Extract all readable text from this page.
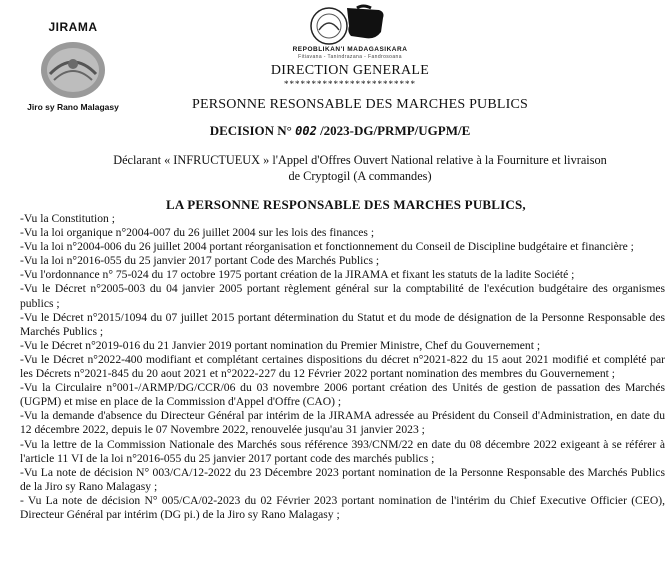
JIRAMA
Jiro sy Rano Malagasy
REPOBLIKAN'I MADAGASIKARA
Fitiavana - Tanindrazana - Fandrosoana
DIRECTION GENERALE
************************
PERSONNE RESONSABLE DES MARCHES PUBLICS
DECISION N° 002 /2023-DG/PRMP/UGPM/E
Déclarant « INFRUCTUEUX » l'Appel d'Offres Ouvert National relative à la Fourniture et livraison
de Cryptogil (A commandes)
LA PERSONNE RESPONSABLE DES MARCHES PUBLICS,
-Vu la Constitution ;
-Vu la loi organique n°2004-007 du 26 juillet 2004 sur les lois des finances ;
-Vu la loi n°2004-006 du 26 juillet 2004 portant réorganisation et fonctionnement du Conseil de Discipline budgétaire et financière ;
-Vu la loi n°2016-055 du 25 janvier 2017 portant Code des Marchés Publics ;
-Vu l'ordonnance n° 75-024 du 17 octobre 1975 portant création de la JIRAMA et fixant les statuts de la ladite Société ;
-Vu le Décret n°2005-003 du 04 janvier 2005 portant règlement général sur la comptabilité de l'exécution budgétaire des organismes publics ;
-Vu le Décret n°2015/1094 du 07 juillet 2015 portant détermination du Statut et du mode de désignation de la Personne Responsable des Marchés Publics ;
-Vu le Décret n°2019-016 du 21 Janvier 2019 portant nomination du Premier Ministre, Chef du Gouvernement ;
-Vu le Décret n°2022-400 modifiant et complétant certaines dispositions du décret n°2021-822 du 15 aout 2021 modifié et complété par les Décrets n°2021-845 du 20 aout 2021 et n°2022-227 du 12 Février 2022 portant nomination des membres du Gouvernement ;
-Vu la Circulaire n°001-/ARMP/DG/CCR/06 du 03 novembre 2006 portant création des Unités de gestion de passation des Marchés (UGPM) et mise en place de la Commission d'Appel d'Offre (CAO) ;
-Vu la demande d'absence du Directeur Général par intérim de la JIRAMA adressée au Président du Conseil d'Administration, en date du 12 décembre 2022, depuis le 07 Novembre 2022, renouvelée jusqu'au 31 janvier 2023 ;
-Vu la lettre de la Commission Nationale des Marchés sous référence 393/CNM/22 en date du 08 décembre 2022 exigeant à se référer à l'article 11 VI de la loi n°2016-055 du 25 janvier 2017 portant code des marchés publics ;
-Vu La note de décision N° 003/CA/12-2022 du 23 Décembre 2023 portant nomination de la Personne Responsable des Marchés Publics de la Jiro sy Rano Malagasy ;
- Vu La note de décision N° 005/CA/02-2023 du 02 Février 2023 portant nomination de l'intérim du Chief Executive Officier (CEO), Directeur Général par intérim (DG pi.) de la Jiro sy Rano Malagasy ;
